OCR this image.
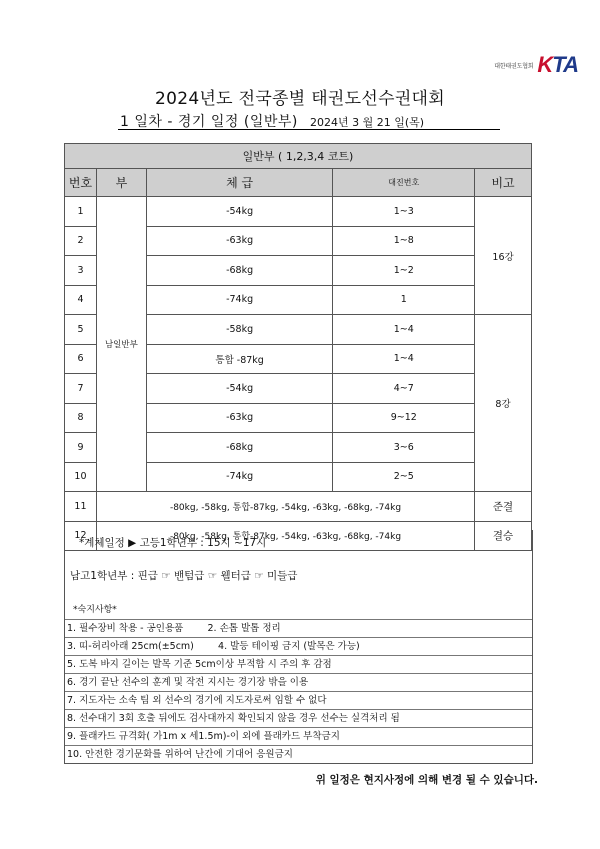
대한태권도협회 KTA
2024년도 전국종별 태권도선수권대회
1 일차 - 경기 일정 (일반부) 2024년 3 월 21 일(목)
일반부 ( 1,2,3,4 코트)				
번호	부	체 급	대진번호	비고
1	남일반부	-54kg	1~3	16강
2		-63kg	1~8	
3		-68kg	1~2	
4		-74kg	1	
5		-58kg	1~4	8강
6		통합 -87kg	1~4	
7		-54kg	4~7	
8		-63kg	9~12	
9		-68kg	3~6	
10		-74kg	2~5	
11	-80kg, -58kg, 통합-87kg, -54kg, -63kg, -68kg, -74kg			준결
12	-80kg, -58kg, 통합-87kg, -54kg, -63kg, -68kg, -74kg			결승
*계체일정 ▶ 고등1학년부 : 15시 ~17시
남고1학년부 : 핀급 ☞ 밴텀급 ☞ 웰터급 ☞ 미들급
*숙지사항*
1. 필수장비 착용 - 공인용품        2. 손톱 발톱 정리
3. 띠-허리아래 25cm(±5cm)        4. 발등 테이핑 금지 (발목은 가능)
5. 도복 바지 길이는 발목 기준 5cm이상 부적합 시 주의 후 감점
6. 경기 끝난 선수의 훈계 및 작전 지시는 경기장 밖을 이용
7. 지도자는 소속 팀 외 선수의 경기에 지도자로써 임할 수 없다
8. 선수대기 3회 호출 뒤에도 검사대까지 확인되지 않을 경우 선수는 실격처리 됨
9. 플래카드 규격화( 가1m x 세1.5m)-이 외에 플래카드 부착금지
10. 안전한 경기문화를 위하여 난간에 기대어 응원금지
위 일정은 현지사정에 의해 변경 될 수 있습니다.
